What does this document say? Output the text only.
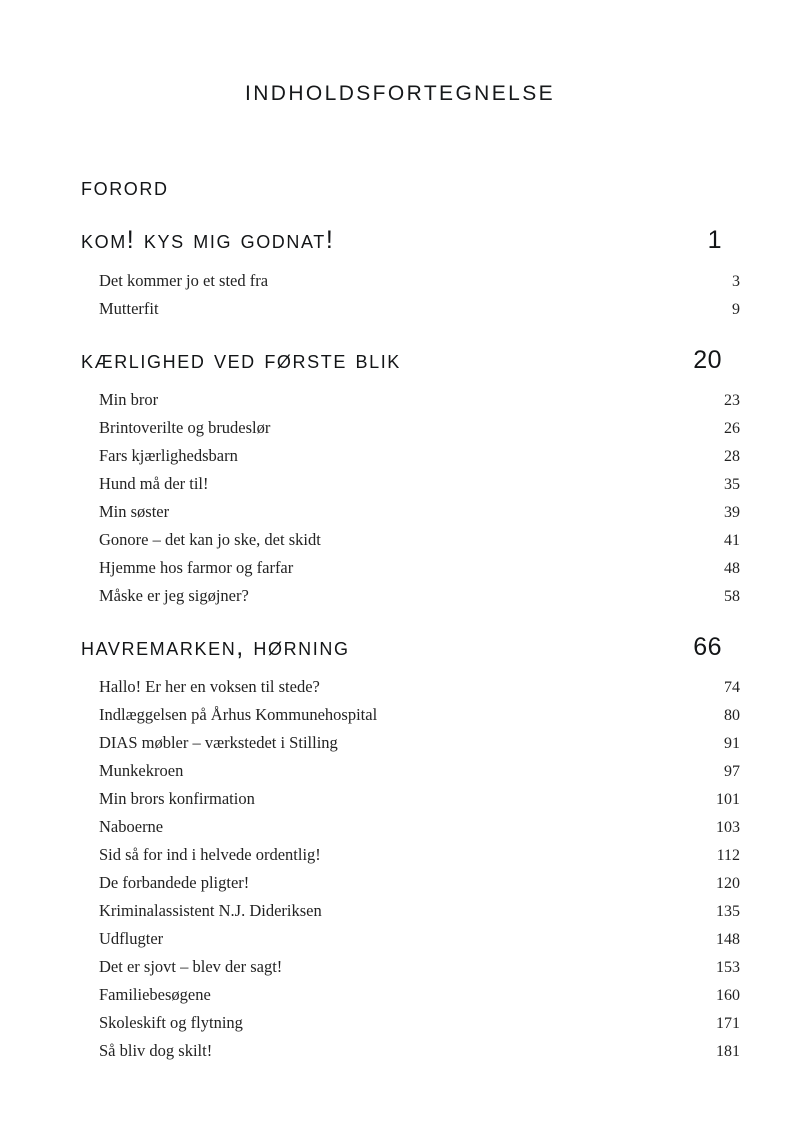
indholdsfortegnelse
forord
kom! kys mig godnat!	1
Det kommer jo et sted fra	3
Mutterfit	9
kærlighed ved første blik	20
Min bror	23
Brintoverilte og brudeslør	26
Fars kjærlighedsbarn	28
Hund må der til!	35
Min søster	39
Gonore – det kan jo ske, det skidt	41
Hjemme hos farmor og farfar	48
Måske er jeg sigøjner?	58
havremarken, hørning	66
Hallo! Er her en voksen til stede?	74
Indlæggelsen på Århus Kommunehospital	80
DIAS møbler – værkstedet i Stilling	91
Munkekroen	97
Min brors konfirmation	101
Naboerne	103
Sid så for ind i helvede ordentlig!	112
De forbandede pligter!	120
Kriminalassistent N.J. Dideriksen	135
Udflugter	148
Det er sjovt – blev der sagt!	153
Familiebesøgene	160
Skoleskift og flytning	171
Så bliv dog skilt!	181
